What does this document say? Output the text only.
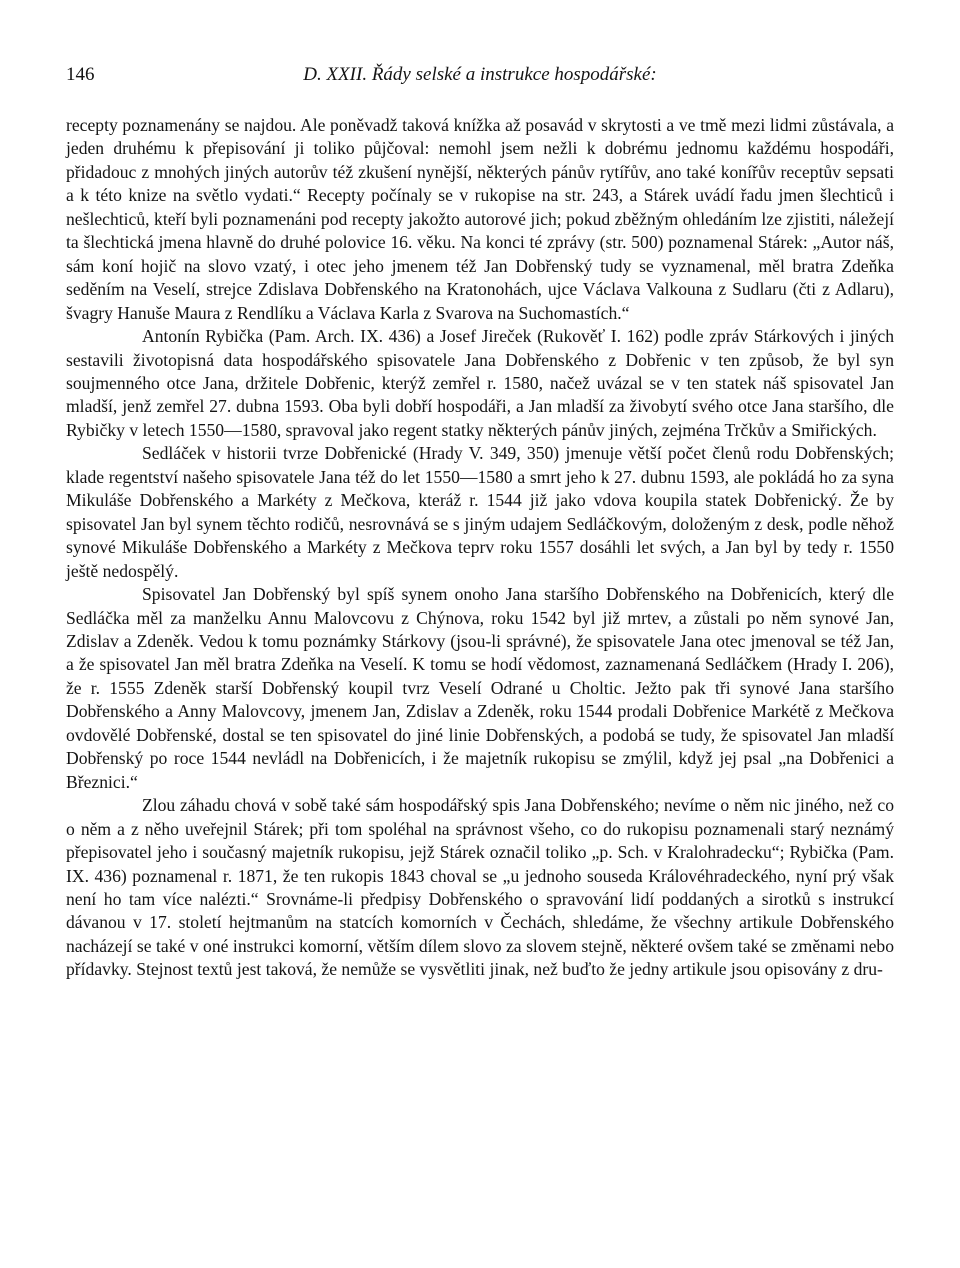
146	D. XXII. Řády selské a instrukce hospodářské:

recepty poznamenány se najdou. Ale poněvadž taková knížka až posavád v skrytosti a ve tmě mezi lidmi zůstávala, a jeden druhému k přepisování ji toliko půjčoval: nemohl jsem nežli k dobrému jednomu každému hospodáři, přidadouc z mnohých jiných autorův též zkušení nynější, některých pánův rytířův, ano také konířův receptův sepsati a k této knize na světlo vydati.“ Recepty počínaly se v rukopise na str. 243, a Stárek uvádí řadu jmen šlechticů i nešlechticů, kteří byli poznamenáni pod recepty jakožto autorové jich; pokud zběžným ohledáním lze zjistiti, náležejí ta šlechtická jmena hlavně do druhé polovice 16. věku. Na konci té zprávy (str. 500) poznamenal Stárek: „Autor náš, sám koní hojič na slovo vzatý, i otec jeho jmenem též Jan Dobřenský tudy se vyznamenal, měl bratra Zdeňka seděním na Veselí, strejce Zdislava Dobřenského na Kratonohách, ujce Václava Valkouna z Sudlaru (čti z Adlaru), švagry Hanuše Maura z Rendlíku a Václava Karla z Svarova na Suchomastích.“

Antonín Rybička (Pam. Arch. IX. 436) a Josef Jireček (Rukověť I. 162) podle zpráv Stárkových i jiných sestavili životopisná data hospodářského spisovatele Jana Dobřenského z Dobřenic v ten způsob, že byl syn soujmenného otce Jana, držitele Dobřenic, kterýž zemřel r. 1580, načež uvázal se v ten statek náš spisovatel Jan mladší, jenž zemřel 27. dubna 1593. Oba byli dobří hospodáři, a Jan mladší za živobytí svého otce Jana staršího, dle Rybičky v letech 1550—1580, spravoval jako regent statky některých pánův jiných, zejména Trčkův a Smiřických.

Sedláček v historii tvrze Dobřenické (Hrady V. 349, 350) jmenuje větší počet členů rodu Dobřenských; klade regentství našeho spisovatele Jana též do let 1550—1580 a smrt jeho k 27. dubnu 1593, ale pokládá ho za syna Mikuláše Dobřenského a Markéty z Mečkova, kteráž r. 1544 již jako vdova koupila statek Dobřenický. Že by spisovatel Jan byl synem těchto rodičů, nesrovnává se s jiným udajem Sedláčkovým, doloženým z desk, podle něhož synové Mikuláše Dobřenského a Markéty z Mečkova teprv roku 1557 dosáhli let svých, a Jan byl by tedy r. 1550 ještě nedospělý.

Spisovatel Jan Dobřenský byl spíš synem onoho Jana staršího Dobřenského na Dobřenicích, který dle Sedláčka měl za manželku Annu Malovcovu z Chýnova, roku 1542 byl již mrtev, a zůstali po něm synové Jan, Zdislav a Zdeněk. Vedou k tomu poznámky Stárkovy (jsou-li správné), že spisovatele Jana otec jmenoval se též Jan, a že spisovatel Jan měl bratra Zdeňka na Veselí. K tomu se hodí vědomost, zaznamenaná Sedláčkem (Hrady I. 206), že r. 1555 Zdeněk starší Dobřenský koupil tvrz Veselí Odrané u Choltic. Ježto pak tři synové Jana staršího Dobřenského a Anny Malovcovy, jmenem Jan, Zdislav a Zdeněk, roku 1544 prodali Dobřenice Markétě z Mečkova ovdovělé Dobřenské, dostal se ten spisovatel do jiné linie Dobřenských, a podobá se tudy, že spisovatel Jan mladší Dobřenský po roce 1544 nevládl na Dobřenicích, i že majetník rukopisu se zmýlil, když jej psal „na Dobřenici a Březnici.“

Zlou záhadu chová v sobě také sám hospodářský spis Jana Dobřenského; nevíme o něm nic jiného, než co o něm a z něho uveřejnil Stárek; při tom spoléhal na správnost všeho, co do rukopisu poznamenali starý neznámý přepisovatel jeho i současný majetník rukopisu, jejž Stárek označil toliko „p. Sch. v Kralohradecku“; Rybička (Pam. IX. 436) poznamenal r. 1871, že ten rukopis 1843 choval se „u jednoho souseda Královéhradeckého, nyní prý však není ho tam více nalézti.“ Srovnáme-li předpisy Dobřenského o spravování lidí poddaných a sirotků s instrukcí dávanou v 17. století hejtmanům na statcích komorních v Čechách, shledáme, že všechny artikule Dobřenského nacházejí se také v oné instrukci komorní, větším dílem slovo za slovem stejně, některé ovšem také se změnami nebo přídavky. Stejnost textů jest taková, že nemůže se vysvětliti jinak, než buďto že jedny artikule jsou opisovány z dru-
